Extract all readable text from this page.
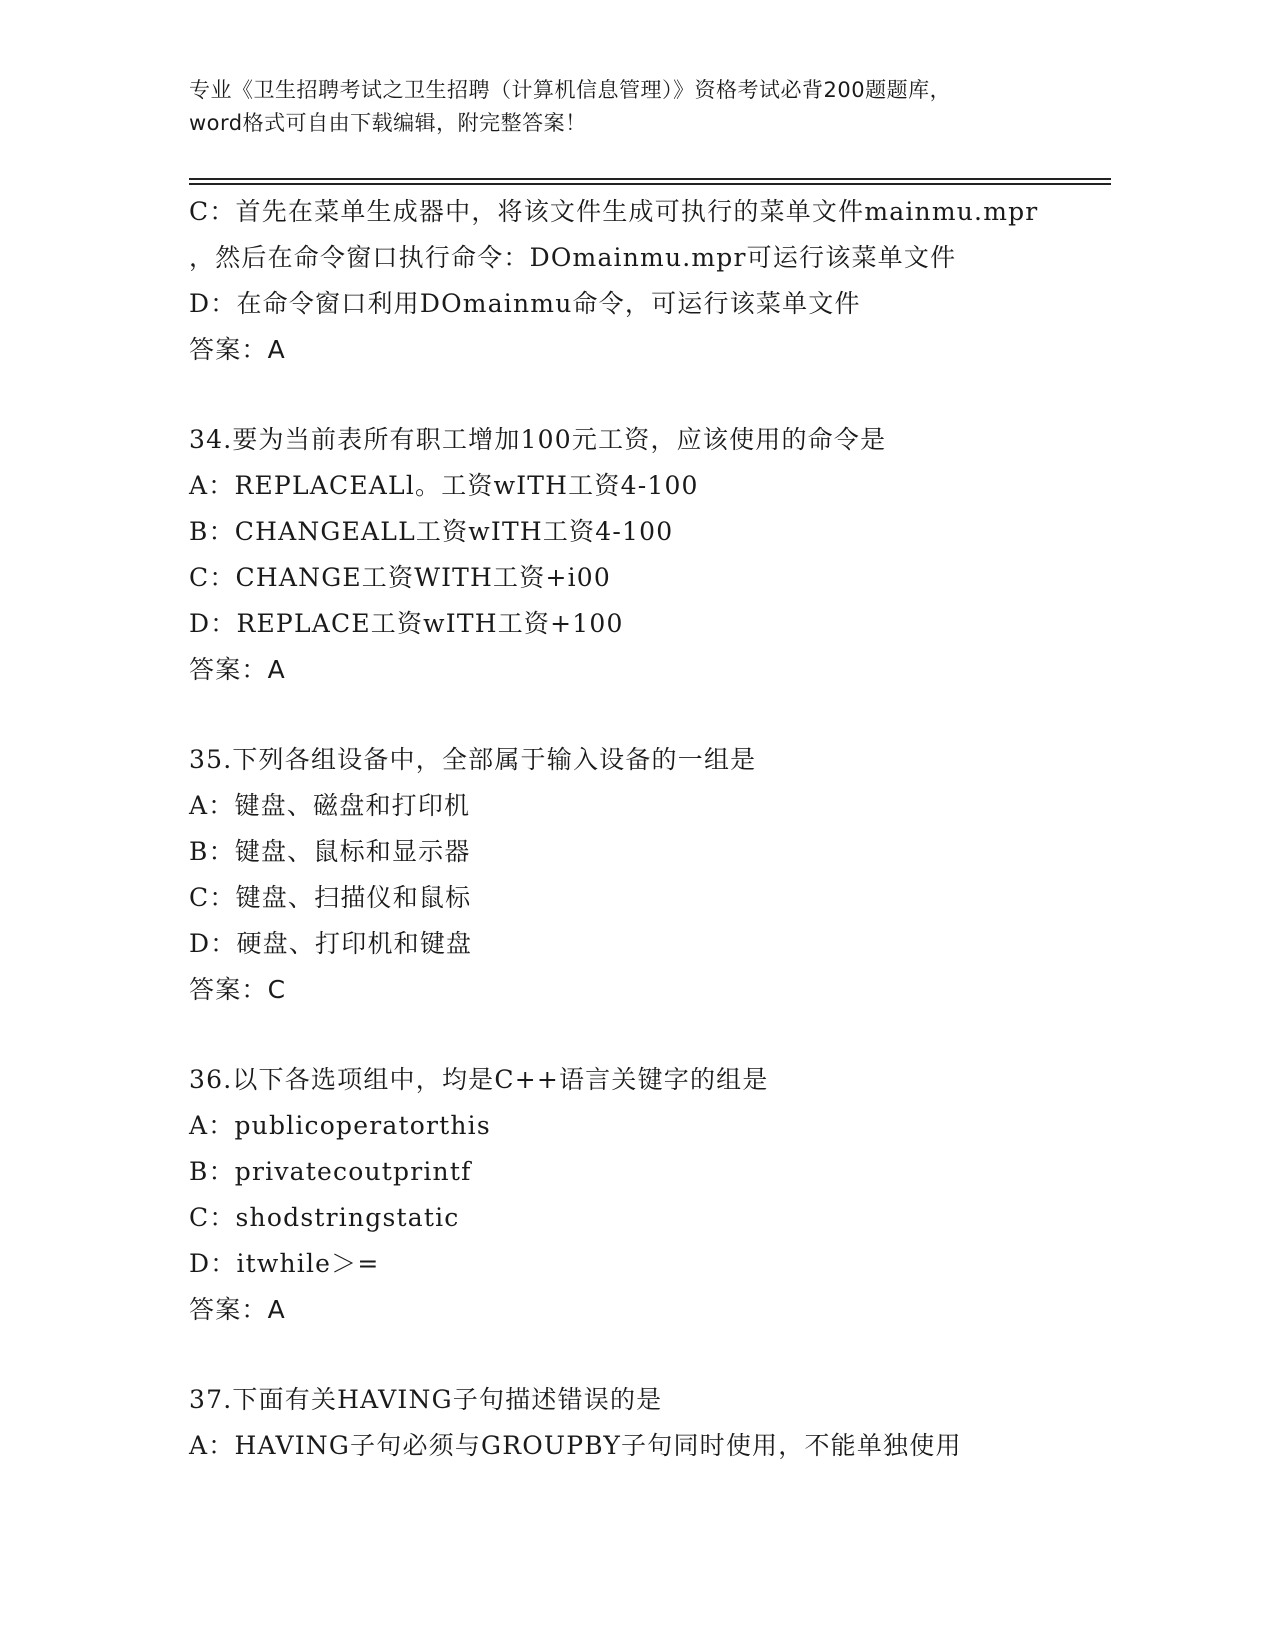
专业《卫生招聘考试之卫生招聘（计算机信息管理）》资格考试必背200题题库，
word格式可自由下载编辑，附完整答案！
C：首先在菜单生成器中，将该文件生成可执行的菜单文件mainmu.mpr
，然后在命令窗口执行命令：DOmainmu.mpr可运行该菜单文件
D：在命令窗口利用DOmainmu命令，可运行该菜单文件
答案：A
34.要为当前表所有职工增加100元工资，应该使用的命令是
A：REPLACEALl。工资wITH工资4-100
B：CHANGEALL工资wITH工资4-100
C：CHANGE工资WITH工资+i00
D：REPLACE工资wITH工资+100
答案：A
35.下列各组设备中，全部属于输入设备的一组是
A：键盘、磁盘和打印机
B：键盘、鼠标和显示器
C：键盘、扫描仪和鼠标
D：硬盘、打印机和键盘
答案：C
36.以下各选项组中，均是C++语言关键字的组是
A：publicoperatorthis
B：privatecoutprintf
C：shodstringstatic
D：itwhile＞=
答案：A
37.下面有关HAVING子句描述错误的是
A：HAVING子句必须与GROUPBY子句同时使用，不能单独使用
